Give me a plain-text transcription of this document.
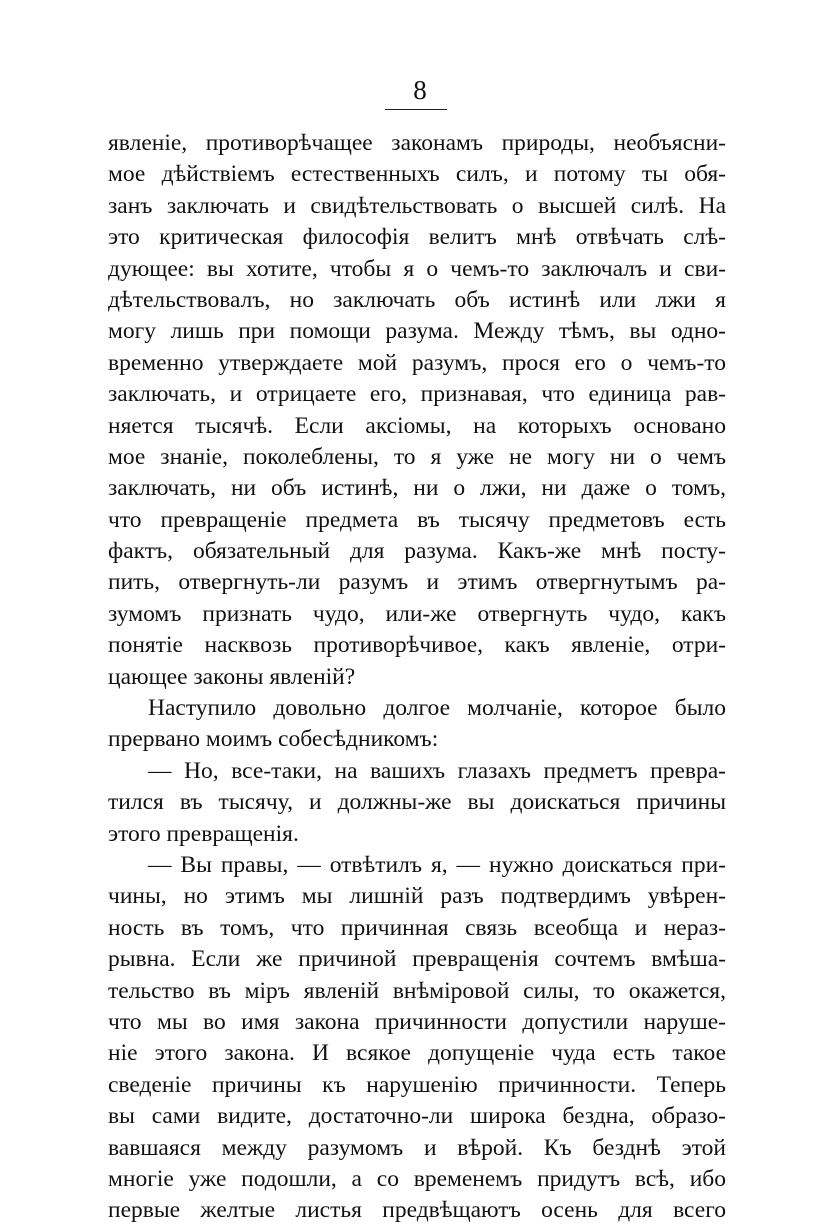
8
явленіе, противорѣчащее законамъ природы, необъясни-
мое дѣйствіемъ естественныхъ силъ, и потому ты обя-
занъ заключать и свидѣтельствовать о высшей силѣ. На
это критическая философія велитъ мнѣ отвѣчать слѣ-
дующее: вы хотите, чтобы я о чемъ-то заключалъ и сви-
дѣтельствовалъ, но заключать объ истинѣ или лжи я
могу лишь при помощи разума. Между тѣмъ, вы одно-
временно утверждаете мой разумъ, прося его о чемъ-то
заключать, и отрицаете его, признавая, что единица рав-
няется тысячѣ. Если аксіомы, на которыхъ основано
мое знаніе, поколеблены, то я уже не могу ни о чемъ
заключать, ни объ истинѣ, ни о лжи, ни даже о томъ,
что превращеніе предмета въ тысячу предметовъ есть
фактъ, обязательный для разума. Какъ-же мнѣ посту-
пить, отвергнуть-ли разумъ и этимъ отвергнутымъ ра-
зумомъ признать чудо, или-же отвергнуть чудо, какъ
понятіе насквозь противорѣчивое, какъ явленіе, отри-
цающее законы явленій?
Наступило довольно долгое молчаніе, которое было
прервано моимъ собесѣдникомъ:
— Но, все-таки, на вашихъ глазахъ предметъ превра-
тился въ тысячу, и должны-же вы доискаться причины
этого превращенія.
— Вы правы, — отвѣтилъ я, — нужно доискаться при-
чины, но этимъ мы лишній разъ подтвердимъ увѣрен-
ность въ томъ, что причинная связь всеобща и нераз-
рывна. Если же причиной превращенія сочтемъ вмѣша-
тельство въ міръ явленій внѣміровой силы, то окажется,
что мы во имя закона причинности допустили наруше-
ніе этого закона. И всякое допущеніе чуда есть такое
сведеніе причины къ нарушенію причинности. Теперь
вы сами видите, достаточно-ли широка бездна, образо-
вавшаяся между разумомъ и вѣрой. Къ безднѣ этой
многіе уже подошли, а со временемъ придутъ всѣ, ибо
первые желтые листья предвѣщаютъ осень для всего
